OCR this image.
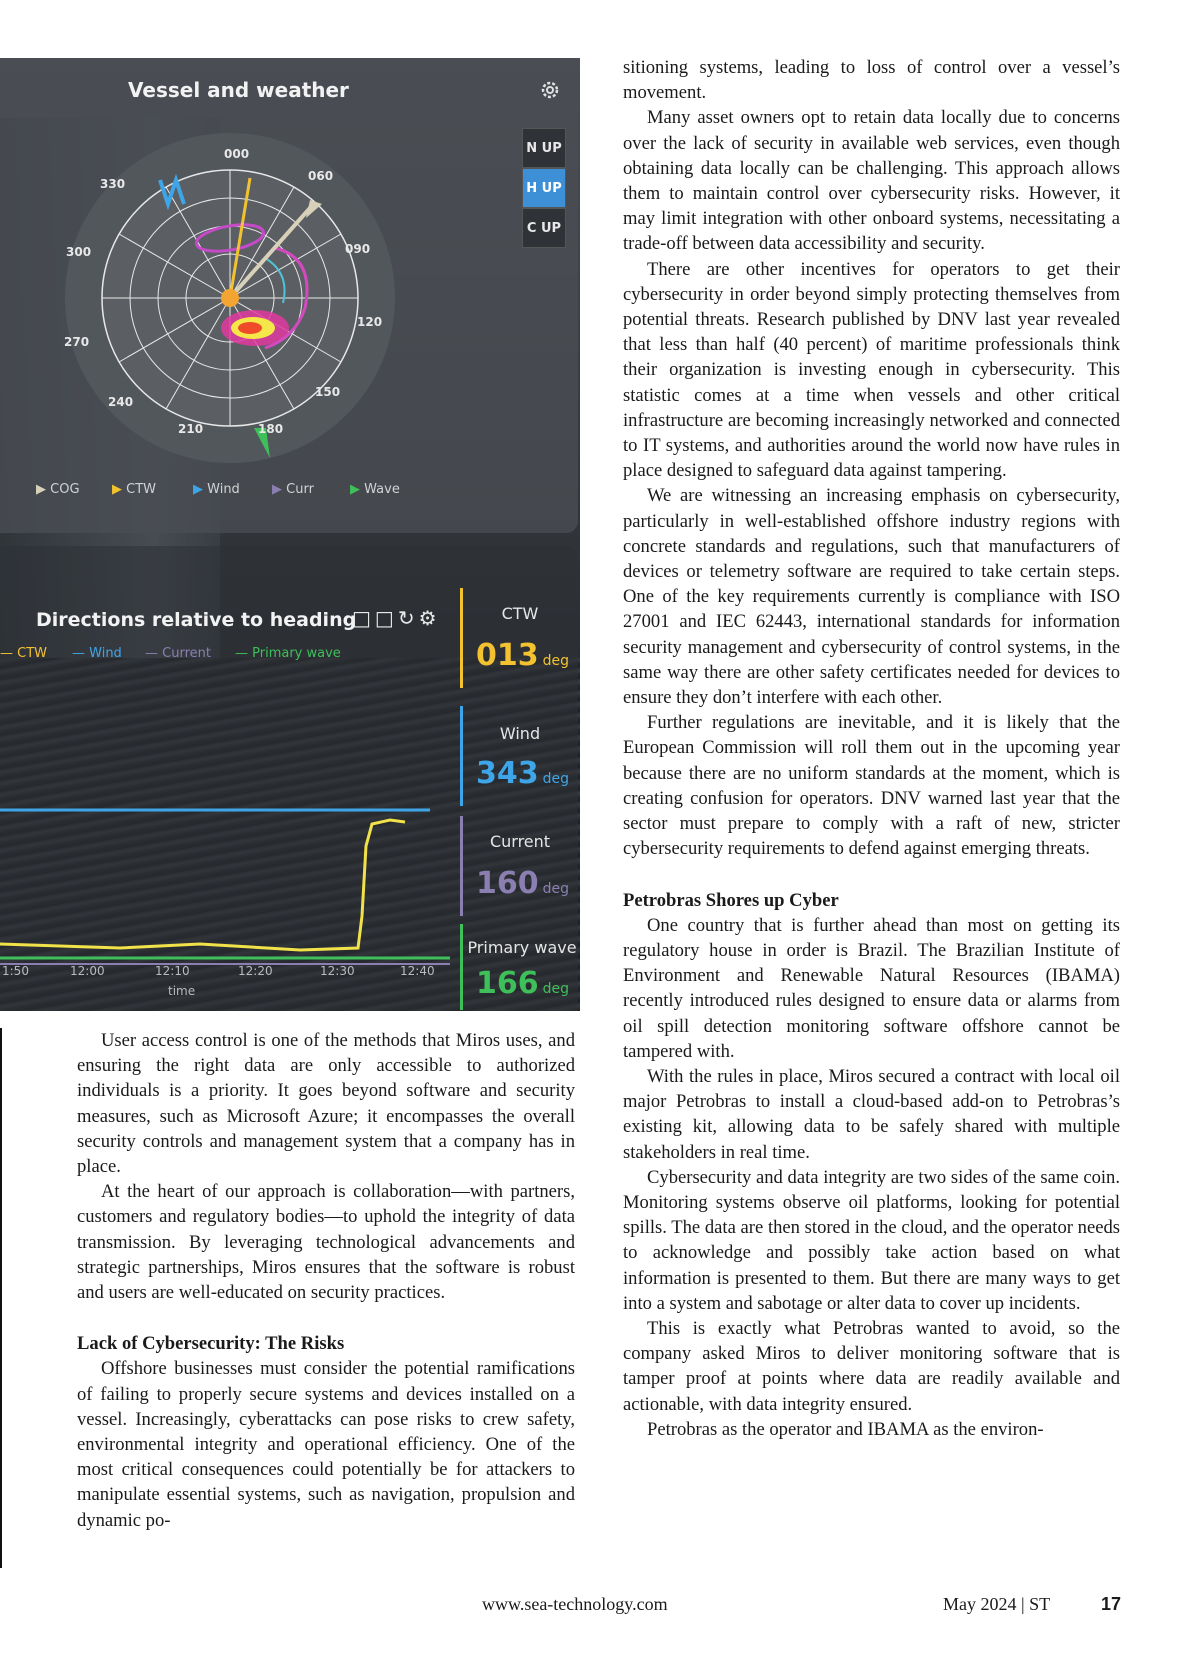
Vessel and weather
N UP
H UP
C UP
000
060
090
120
150
180
210
240
270
300
330
▶ COG ▶ CTW	▶ Wind ▶ Curr	▶ Wave
Directions relative to heading
□□↻⚙
— CTW — Wind — Current — Primary wave
CTW
013 deg
Wind
343 deg
Current
160 deg
Primary wave
166 deg
1:50	12:00	12:10	12:20	12:30	12:40
time

User access control is one of the methods that Miros uses, and ensuring the right data are only accessible to authorized individuals is a priority. It goes beyond software and security measures, such as Microsoft Azure; it encompasses the overall security controls and management system that a company has in place.

At the heart of our approach is collaboration—with partners, customers and regulatory bodies—to uphold the integrity of data transmission. By leveraging technological advancements and strategic partnerships, Miros ensures that the software is robust and users are well-educated on security practices.

Lack of Cybersecurity: The Risks

Offshore businesses must consider the potential ramifications of failing to properly secure systems and devices installed on a vessel. Increasingly, cyberattacks can pose risks to crew safety, environmental integrity and operational efficiency. One of the most critical consequences could potentially be for attackers to manipulate essential systems, such as navigation, propulsion and dynamic po-

sitioning systems, leading to loss of control over a vessel’s movement.

Many asset owners opt to retain data locally due to concerns over the lack of security in available web services, even though obtaining data locally can be challenging. This approach allows them to maintain control over cybersecurity risks. However, it may limit integration with other onboard systems, necessitating a trade-off between data accessibility and security.

There are other incentives for operators to get their cybersecurity in order beyond simply protecting themselves from potential threats. Research published by DNV last year revealed that less than half (40 percent) of maritime professionals think their organization is investing enough in cybersecurity. This statistic comes at a time when vessels and other critical infrastructure are becoming increasingly networked and connected to IT systems, and authorities around the world now have rules in place designed to safeguard data against tampering.

We are witnessing an increasing emphasis on cybersecurity, particularly in well-established offshore industry regions with concrete standards and regulations, such that manufacturers of devices or telemetry software are required to take certain steps. One of the key requirements currently is compliance with ISO 27001 and IEC 62443, international standards for information security management and cybersecurity of control systems, in the same way there are other safety certificates needed for devices to ensure they don’t interfere with each other.

Further regulations are inevitable, and it is likely that the European Commission will roll them out in the upcoming year because there are no uniform standards at the moment, which is creating confusion for operators. DNV warned last year that the sector must prepare to comply with a raft of new, stricter cybersecurity requirements to defend against emerging threats.

Petrobras Shores up Cyber

One country that is further ahead than most on getting its regulatory house in order is Brazil. The Brazilian Institute of Environment and Renewable Natural Resources (IBAMA) recently introduced rules designed to ensure data or alarms from oil spill detection monitoring software offshore cannot be tampered with.

With the rules in place, Miros secured a contract with local oil major Petrobras to install a cloud-based add-on to Petrobras’s existing kit, allowing data to be safely shared with multiple stakeholders in real time.

Cybersecurity and data integrity are two sides of the same coin. Monitoring systems observe oil platforms, looking for potential spills. The data are then stored in the cloud, and the operator needs to acknowledge and possibly take action based on what information is presented to them. But there are many ways to get into a system and sabotage or alter data to cover up incidents.

This is exactly what Petrobras wanted to avoid, so the company asked Miros to deliver monitoring software that is tamper proof at points where data are readily available and actionable, with data integrity ensured.

Petrobras as the operator and IBAMA as the environ-

www.sea-technology.com	May 2024 | ST	17
